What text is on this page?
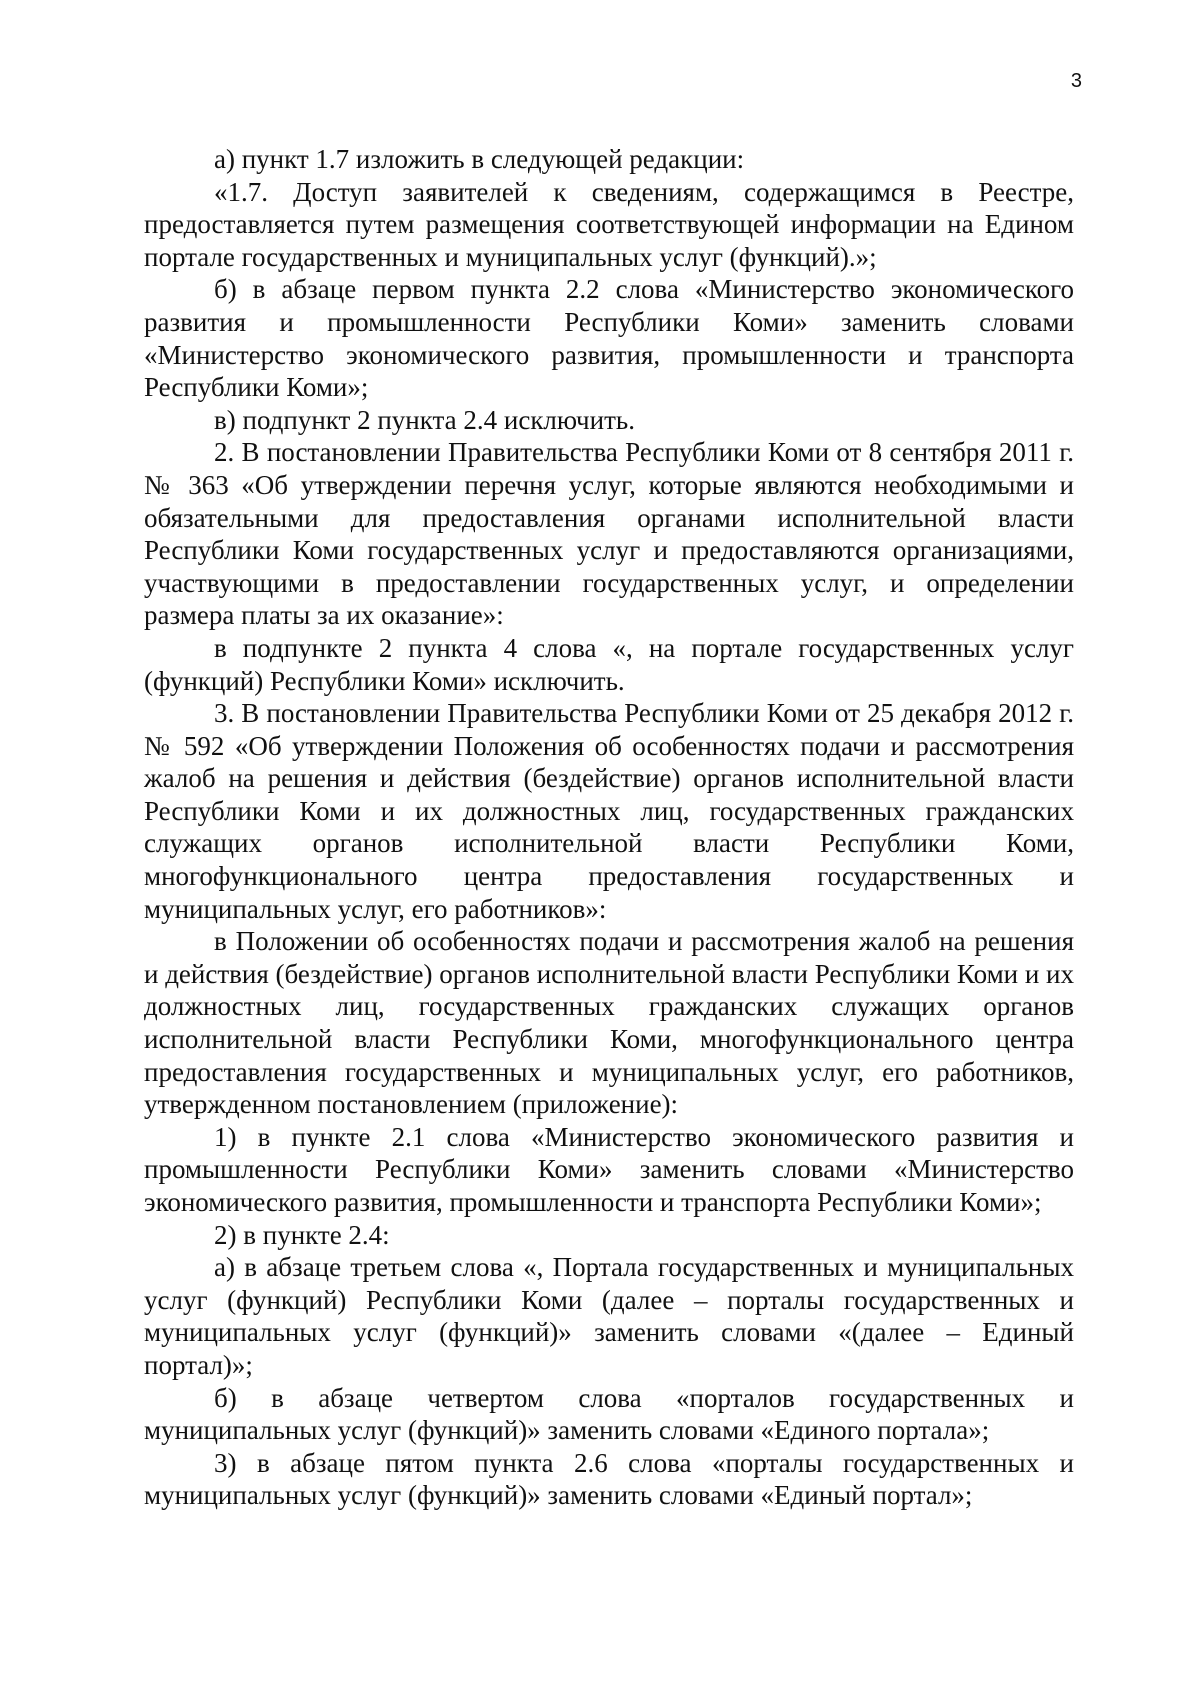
3

а) пункт 1.7 изложить в следующей редакции:

«1.7. Доступ заявителей к сведениям, содержащимся в Реестре, предоставляется путем размещения соответствующей информации на Едином портале государственных и муниципальных услуг (функций).»;

б) в абзаце первом пункта 2.2 слова «Министерство экономического развития и промышленности Республики Коми» заменить словами «Министерство экономического развития, промышленности и транспорта Республики Коми»;

в) подпункт 2 пункта 2.4 исключить.

2. В постановлении Правительства Республики Коми от 8 сентября 2011 г. № 363 «Об утверждении перечня услуг, которые являются необходимыми и обязательными для предоставления органами исполнительной власти Республики Коми государственных услуг и предоставляются организациями, участвующими в предоставлении государственных услуг, и определении размера платы за их оказание»:

в подпункте 2 пункта 4 слова «, на портале государственных услуг (функций) Республики Коми» исключить.

3. В постановлении Правительства Республики Коми от 25 декабря 2012 г. № 592 «Об утверждении Положения об особенностях подачи и рассмотрения жалоб на решения и действия (бездействие) органов исполнительной власти Республики Коми и их должностных лиц, государственных гражданских служащих органов исполнительной власти Республики Коми, многофункционального центра предоставления государственных и муниципальных услуг, его работников»:

в Положении об особенностях подачи и рассмотрения жалоб на решения и действия (бездействие) органов исполнительной власти Республики Коми и их должностных лиц, государственных гражданских служащих органов исполнительной власти Республики Коми, многофункционального центра предоставления государственных и муниципальных услуг, его работников, утвержденном постановлением (приложение):

1) в пункте 2.1 слова «Министерство экономического развития и промышленности Республики Коми» заменить словами «Министерство экономического развития, промышленности и транспорта Республики Коми»;

2) в пункте 2.4:

а) в абзаце третьем слова «, Портала государственных и муниципальных услуг (функций) Республики Коми (далее – порталы государственных и муниципальных услуг (функций)» заменить словами «(далее – Единый портал)»;

б) в абзаце четвертом слова «порталов государственных и муниципальных услуг (функций)» заменить словами «Единого портала»;

3) в абзаце пятом пункта 2.6 слова «порталы государственных и муниципальных услуг (функций)» заменить словами «Единый портал»;
